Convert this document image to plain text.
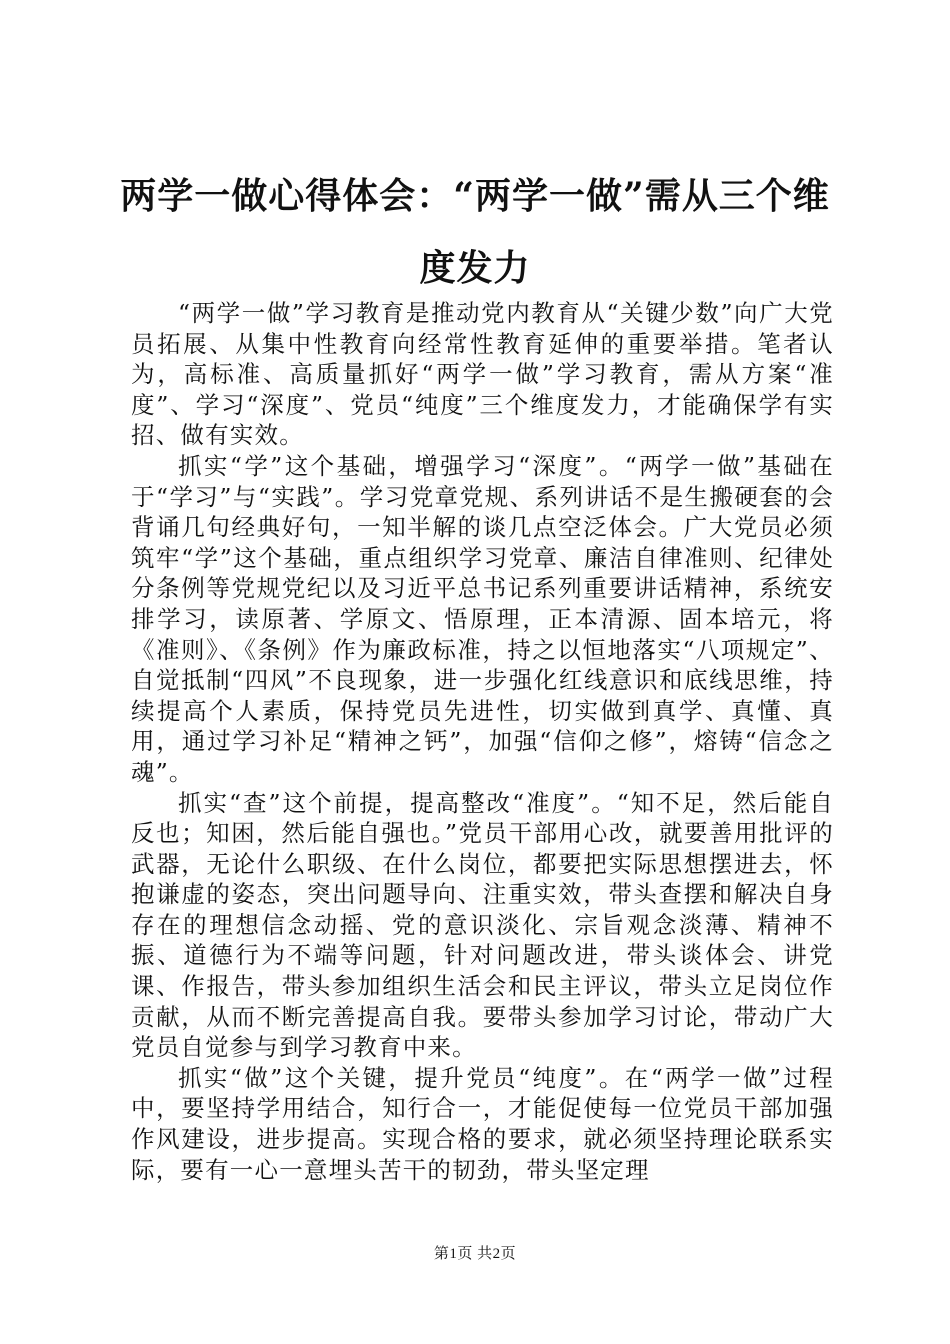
两学一做心得体会：“两学一做”需从三个维度发力

“两学一做”学习教育是推动党内教育从“关键少数”向广大党员拓展、从集中性教育向经常性教育延伸的重要举措。笔者认为，高标准、高质量抓好“两学一做”学习教育，需从方案“准度”、学习“深度”、党员“纯度”三个维度发力，才能确保学有实招、做有实效。

抓实“学”这个基础，增强学习“深度”。“两学一做”基础在于“学习”与“实践”。学习党章党规、系列讲话不是生搬硬套的会背诵几句经典好句，一知半解的谈几点空泛体会。广大党员必须筑牢“学”这个基础，重点组织学习党章、廉洁自律准则、纪律处分条例等党规党纪以及习近平总书记系列重要讲话精神，系统安排学习，读原著、学原文、悟原理，正本清源、固本培元，将《准则》、《条例》作为廉政标准，持之以恒地落实“八项规定”、自觉抵制“四风”不良现象，进一步强化红线意识和底线思维，持续提高个人素质，保持党员先进性，切实做到真学、真懂、真用，通过学习补足“精神之钙”，加强“信仰之修”，熔铸“信念之魂”。

抓实“查”这个前提，提高整改“准度”。“知不足，然后能自反也；知困，然后能自强也。”党员干部用心改，就要善用批评的武器，无论什么职级、在什么岗位，都要把实际思想摆进去，怀抱谦虚的姿态，突出问题导向、注重实效，带头查摆和解决自身存在的理想信念动摇、党的意识淡化、宗旨观念淡薄、精神不振、道德行为不端等问题，针对问题改进，带头谈体会、讲党课、作报告，带头参加组织生活会和民主评议，带头立足岗位作贡献，从而不断完善提高自我。要带头参加学习讨论，带动广大党员自觉参与到学习教育中来。

抓实“做”这个关键，提升党员“纯度”。在“两学一做”过程中，要坚持学用结合，知行合一，才能促使每一位党员干部加强作风建设，进步提高。实现合格的要求，就必须坚持理论联系实际，要有一心一意埋头苦干的韧劲，带头坚定理

第1页 共2页
